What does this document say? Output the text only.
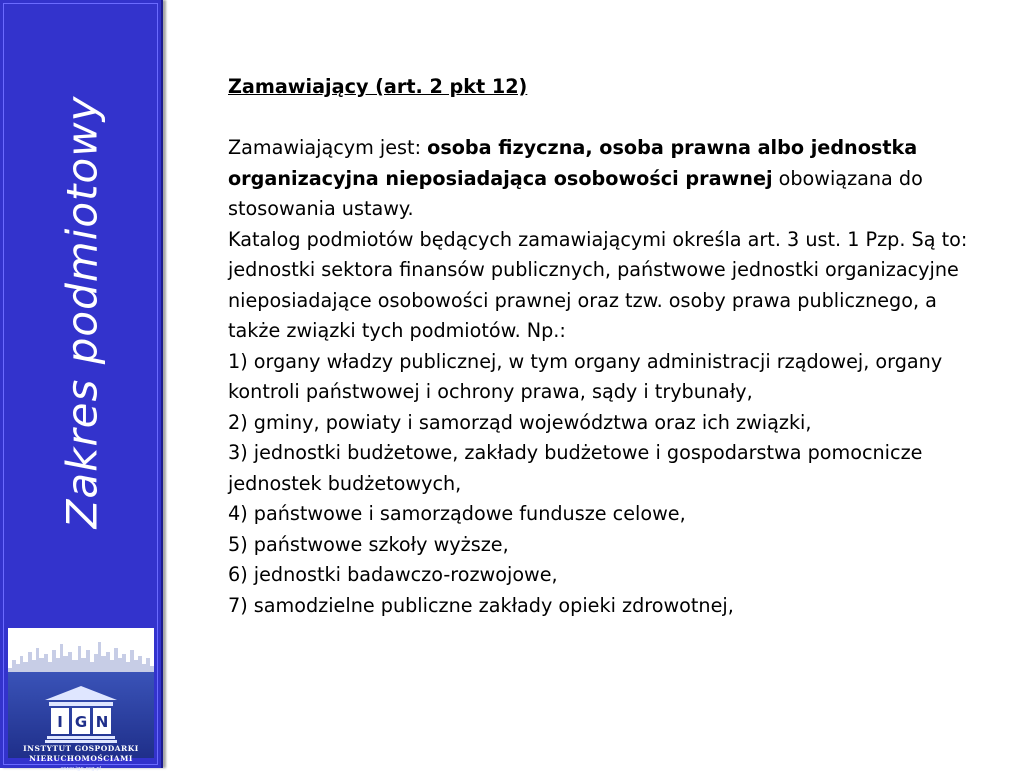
Zakres podmiotowy
I G N
INSTYTUT GOSPODARKI
NIERUCHOMOŚCIAMI
www.ign.org.pl

Zamawiający (art. 2 pkt 12)

Zamawiającym jest: osoba fizyczna, osoba prawna albo jednostka organizacyjna nieposiadająca osobowości prawnej obowiązana do stosowania ustawy.

Katalog podmiotów będących zamawiającymi określa art. 3 ust. 1 Pzp. Są to: jednostki sektora finansów publicznych, państwowe jednostki organizacyjne nieposiadające osobowości prawnej oraz tzw. osoby prawa publicznego, a także związki tych podmiotów. Np.:

1) organy władzy publicznej, w tym organy administracji rządowej, organy kontroli państwowej i ochrony prawa, sądy i trybunały,

2) gminy, powiaty i samorząd województwa oraz ich związki,

3) jednostki budżetowe, zakłady budżetowe i gospodarstwa pomocnicze jednostek budżetowych,

4) państwowe i samorządowe fundusze celowe,

5) państwowe szkoły wyższe,

6) jednostki badawczo-rozwojowe,

7) samodzielne publiczne zakłady opieki zdrowotnej,
